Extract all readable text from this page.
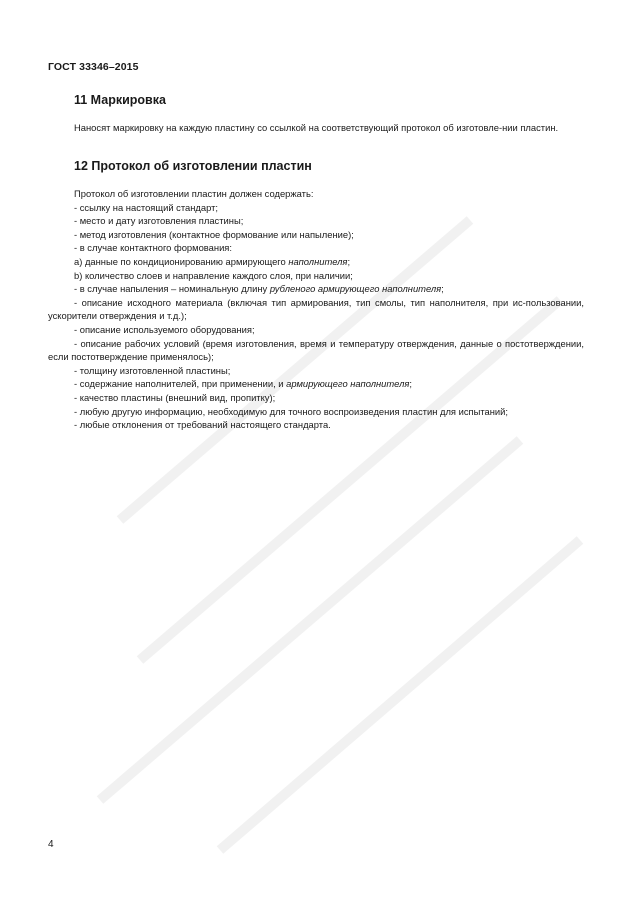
ГОСТ 33346–2015
11 Маркировка

Наносят маркировку на каждую пластину со ссылкой на соответствующий протокол об изготовле-нии пластин.

12 Протокол об изготовлении пластин

Протокол об изготовлении пластин должен содержать:

- ссылку на настоящий стандарт;

- место и дату изготовления пластины;

- метод изготовления (контактное формование или напыление);

- в случае контактного формования:

a) данные по кондиционированию армирующего наполнителя;

b) количество слоев и направление каждого слоя, при наличии;

- в случае напыления – номинальную длину рубленого армирующего наполнителя;

- описание исходного материала (включая тип армирования, тип смолы, тип наполнителя, при ис-пользовании, ускорители отверждения и т.д.);

- описание используемого оборудования;

- описание рабочих условий (время изготовления, время и температуру отверждения, данные о постотверждении, если постотверждение применялось);

- толщину изготовленной пластины;

- содержание наполнителей, при применении, и армирующего наполнителя;

- качество пластины (внешний вид, пропитку);

- любую другую информацию, необходимую для точного воспроизведения пластин для испытаний;

- любые отклонения от требований настоящего стандарта.

4
